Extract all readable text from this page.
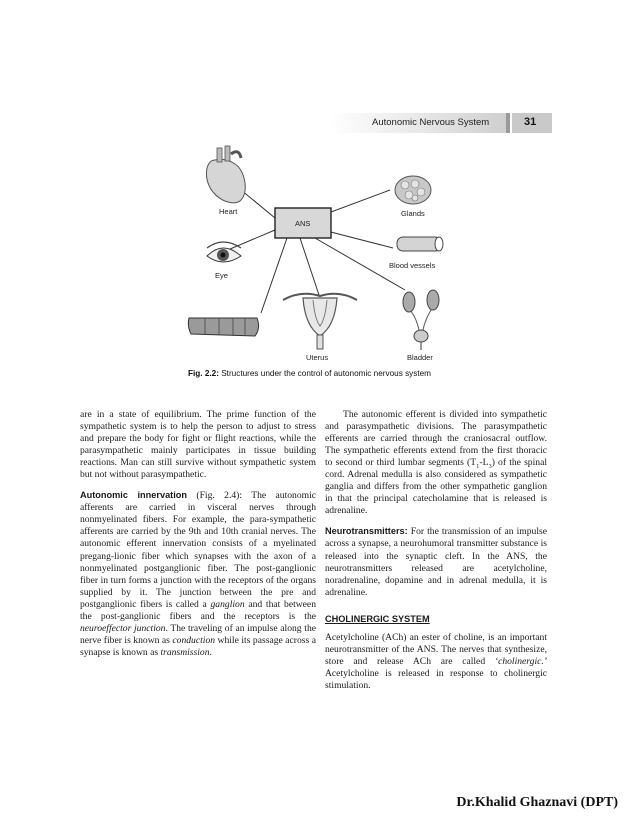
Autonomic Nervous System	31
Heart	Glands
ANS
Eye
Blood vessels
Uterus	Bladder
Fig. 2.2: Structures under the control of autonomic nervous system

are in a state of equilibrium. The prime function of the sympathetic system is to help the person to adjust to stress and prepare the body for fight or flight reactions, while the parasympathetic mainly participates in tissue building reactions. Man can still survive without sympathetic system but not without parasympathetic.

Autonomic innervation (Fig. 2.4): The autonomic afferents are carried in visceral nerves through nonmyelinated fibers. For example, the para-sympathetic afferents are carried by the 9th and 10th cranial nerves. The autonomic efferent innervation consists of a myelinated pregang-lionic fiber which synapses with the axon of a nonmyelinated postganglionic fiber. The post-ganglionic fiber in turn forms a junction with the receptors of the organs supplied by it. The junction between the pre and postganglionic fibers is called a ganglion and that between the post-ganglionic fibers and the receptors is the neuroeffector junction. The traveling of an impulse along the nerve fiber is known as conduction while its passage across a synapse is known as transmission.

The autonomic efferent is divided into sympathetic and parasympathetic divisions. The parasympathetic efferents are carried through the craniosacral outflow. The sympathetic efferents extend from the first thoracic to second or third lumbar segments $(T_1-L_3)$ of the spinal cord. Adrenal medulla is also considered as sympathetic ganglia and differs from the other sympathetic ganglion in that the principal catecholamine that is released is adrenaline.

Neurotransmitters: For the transmission of an impulse across a synapse, a neurohumoral transmitter substance is released into the synaptic cleft. In the ANS, the neurotransmitters released are acetylcholine, noradrenaline, dopamine and in adrenal medulla, it is adrenaline.

CHOLINERGIC SYSTEM

Acetylcholine (ACh) an ester of choline, is an important neurotransmitter of the ANS. The nerves that synthesize, store and release ACh are called ‘cholinergic.’ Acetylcholine is released in response to cholinergic stimulation.

Dr.Khalid Ghaznavi (DPT)
